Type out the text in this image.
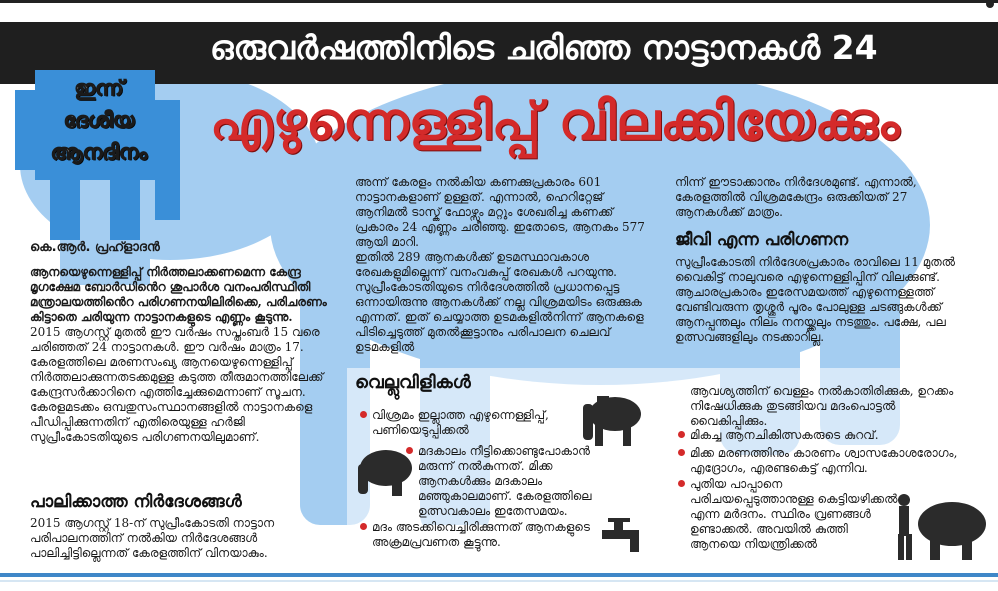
ഒരുവർഷത്തിനിടെ ചരിഞ്ഞ നാട്ടാനകൾ 24
എഴുന്നെള്ളിപ്പ് വിലക്കിയേക്കും
ഇന്ന്
ദേശീയ
ആനദിനം
കെ.ആർ. പ്രഹ്ളാദൻ

ആനയെഴുന്നെള്ളിപ്പ് നിർത്തലാക്കണമെന്ന കേന്ദ്ര മൃഗക്ഷേമ ബോർഡിൻെറ ശുപാർശ വനംപരിസ്ഥിതി മന്ത്രാലയത്തിൻെറ പരിഗണനയിലിരിക്കെ, പരിചരണം കിട്ടാതെ ചരിയുന്ന നാട്ടാനകളുടെ എണ്ണം കൂടുന്നു.

2015 ആഗസ്റ്റ് മുതൽ ഈ വർഷം സപ്തംബർ 15 വരെ ചരിഞ്ഞത് 24 നാട്ടാനകൾ. ഈ വർഷം മാത്രം 17. കേരളത്തിലെ മരണസംഖ്യ ആനയെഴുന്നെള്ളിപ്പ് നിർത്തലാക്കുന്നതടക്കമുള്ള കടുത്ത തീരുമാനത്തിലേക്ക് കേന്ദ്രസർക്കാറിനെ എത്തിച്ചേക്കുമെന്നാണ് സൂചന. കേരളമടക്കം ഒമ്പതുസംസ്ഥാനങ്ങളിൽ നാട്ടാനകളെ പീഡിപ്പിക്കുന്നതിന് എതിരെയുള്ള ഹർജി സുപ്രീംകോടതിയുടെ പരിഗണനയിലുമാണ്.

പാലിക്കാത്ത നിർദേശങ്ങൾ
2015 ആഗസ്റ്റ് 18-ന് സുപ്രീംകോടതി നാട്ടാന പരിപാലനത്തിന് നൽകിയ നിർദേശങ്ങൾ പാലിച്ചിട്ടില്ലെന്നത് കേരളത്തിന് വിനയാകും.

അന്ന് കേരളം നൽകിയ കണക്കുപ്രകാരം 601 നാട്ടാനകളാണ് ഉള്ളത്. എന്നാൽ, ഹെറിറ്റേജ് ആനിമൽ ടാസ്ക് ഫോഴ്സും മറ്റും ശേഖരിച്ച കണക്ക് പ്രകാരം 24 എണ്ണം ചരിഞ്ഞു. ഇതോടെ, ആനകം 577 ആയി മാറി.

ഇതിൽ 289 ആനകൾക്ക് ഉടമസ്ഥാവകാശ രേഖകളുമില്ലെന്ന് വനംവകുപ്പ് രേഖകൾ പറയുന്നു. സുപ്രീംകോടതിയുടെ നിർദേശത്തിൽ പ്രധാനപ്പെട്ട ഒന്നായിരുന്നു ആനകൾക്ക് നല്ല വിശ്രമയിടം ഒരുക്കുക എന്നത്. ഇത് ചെയ്യാത്ത ഉടമകളിൽനിന്ന് ആനകളെ പിടിച്ചെടുത്ത് മുതൽക്കൂട്ടാനും പരിപാലന ചെലവ് ഉടമകളിൽ

നിന്ന് ഈടാക്കാനും നിർദേശമുണ്ട്. എന്നാൽ, കേരളത്തിൽ വിശ്രമകേന്ദ്രം ഒരുക്കിയത് 27 ആനകൾക്ക് മാത്രം.
ജീവി എന്ന പരിഗണന
സുപ്രീംകോടതി നിർദേശപ്രകാരം രാവിലെ 11 മുതൽ വൈകിട്ട് നാലുവരെ എഴുന്നെള്ളിപ്പിന് വിലക്കുണ്ട്. ആചാരപ്രകാരം ഇരേസമയത്ത് എഴുന്നെള്ളത്ത് വേണ്ടിവരുന്ന തൃശ്ശൂർ പൂരം പോലുള്ള ചടങ്ങുകൾക്ക് ആനപ്പന്തലും നിലം നനയ്ക്കലും നടത്തും. പക്ഷേ, പല ഉത്സവങ്ങളിലും നടക്കാറില്ല.
വെല്ലുവിളികൾ
വിശ്രമം ഇല്ലാത്ത എഴുന്നെള്ളിപ്പ്, പണിയെടുപ്പിക്കൽ
മദകാലം നീട്ടിക്കൊണ്ടുപോകാൻ മരുന്ന് നൽകുന്നത്. മിക്ക ആനകൾക്കും മദകാലം മഞ്ഞുകാലമാണ്. കേരളത്തിലെ ഉത്സവകാലം ഇതേസമയം.
മദം അടക്കിവെച്ചിരിക്കുന്നത് ആനകളുടെ അക്രമപ്രവണത കൂട്ടുന്നു.
ആവശ്യത്തിന് വെള്ളം നൽകാതിരിക്കുക, ഉറക്കം നിഷേധിക്കുക തുടങ്ങിയവ മദംപൊട്ടൽ വൈകിപ്പിക്കും.
മികച്ച ആനചികിത്സകരുടെ കുറവ്.
മിക്ക മരണത്തിനും കാരണം ശ്വാസകോശരോഗം, എദ്രോഗം, എരണ്ടകെട്ട് എന്നിവ.
പുതിയ പാപ്പാനെ പരിചയപ്പെടുത്താനുള്ള കെട്ടിയഴിക്കൽ എന്ന മർദനം. സ്ഥിരം വ്രണങ്ങൾ ഉണ്ടാക്കൽ. അവയിൽ കുത്തി ആനയെ നിയന്ത്രിക്കൽ
